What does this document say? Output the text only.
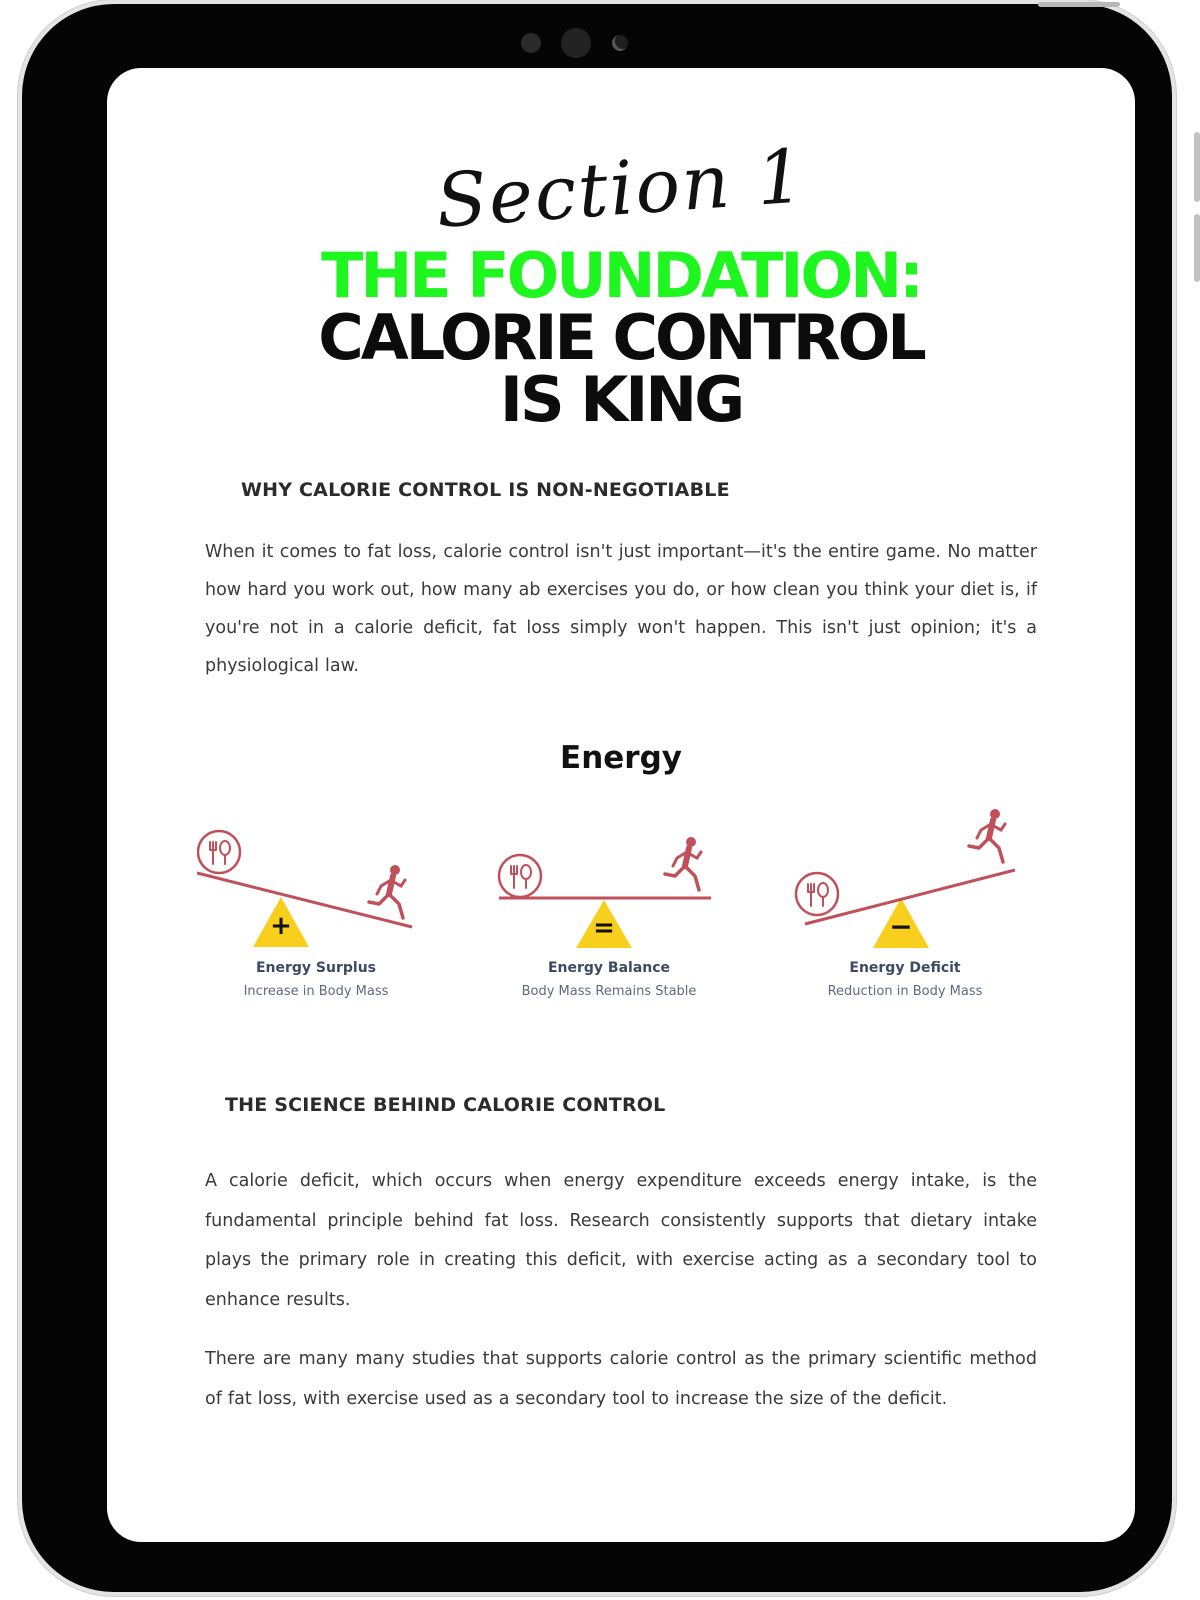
Section 1
THE FOUNDATION:
CALORIE CONTROL
IS KING
WHY CALORIE CONTROL IS NON-NEGOTIABLE

When it comes to fat loss, calorie control isn't just important—it's the entire game. No matter how hard you work out, how many ab exercises you do, or how clean you think your diet is, if you're not in a calorie deficit, fat loss simply won't happen. This isn't just opinion; it's a physiological law.

Energy
+	=	−
Energy Surplus
Increase in Body Mass
Energy Balance
Body Mass Remains Stable
Energy Deficit
Reduction in Body Mass
THE SCIENCE BEHIND CALORIE CONTROL

A calorie deficit, which occurs when energy expenditure exceeds energy intake, is the fundamental principle behind fat loss. Research consistently supports that dietary intake plays the primary role in creating this deficit, with exercise acting as a secondary tool to enhance results.

There are many many studies that supports calorie control as the primary scientific method of fat loss, with exercise used as a secondary tool to increase the size of the deficit.
